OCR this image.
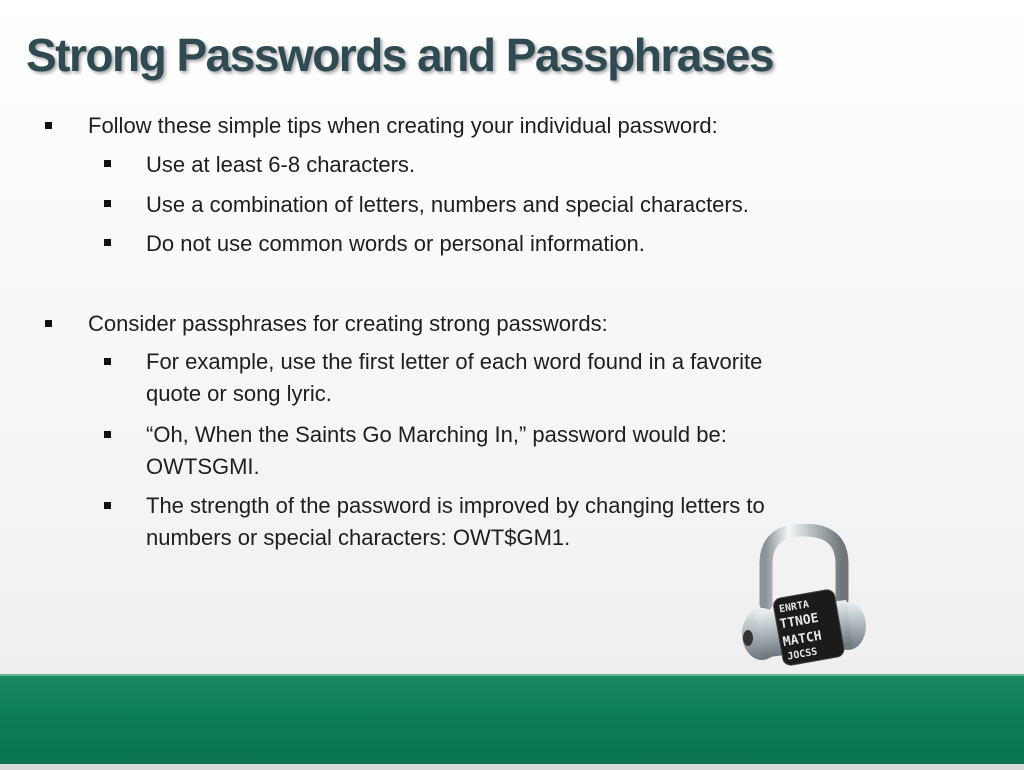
Strong Passwords and Passphrases
Follow these simple tips when creating your individual password:
Use at least 6-8 characters.
Use a combination of letters, numbers and special characters.
Do not use common words or personal information.
Consider passphrases for creating strong passwords:
For example, use the first letter of each word found in a favorite
quote or song lyric.
“Oh, When the Saints Go Marching In,” password would be:
OWTSGMI.
The strength of the password is improved by changing letters to
numbers or special characters: OWT$GM1.
ENRTA
TTNOE
MATCH
JOCSS
